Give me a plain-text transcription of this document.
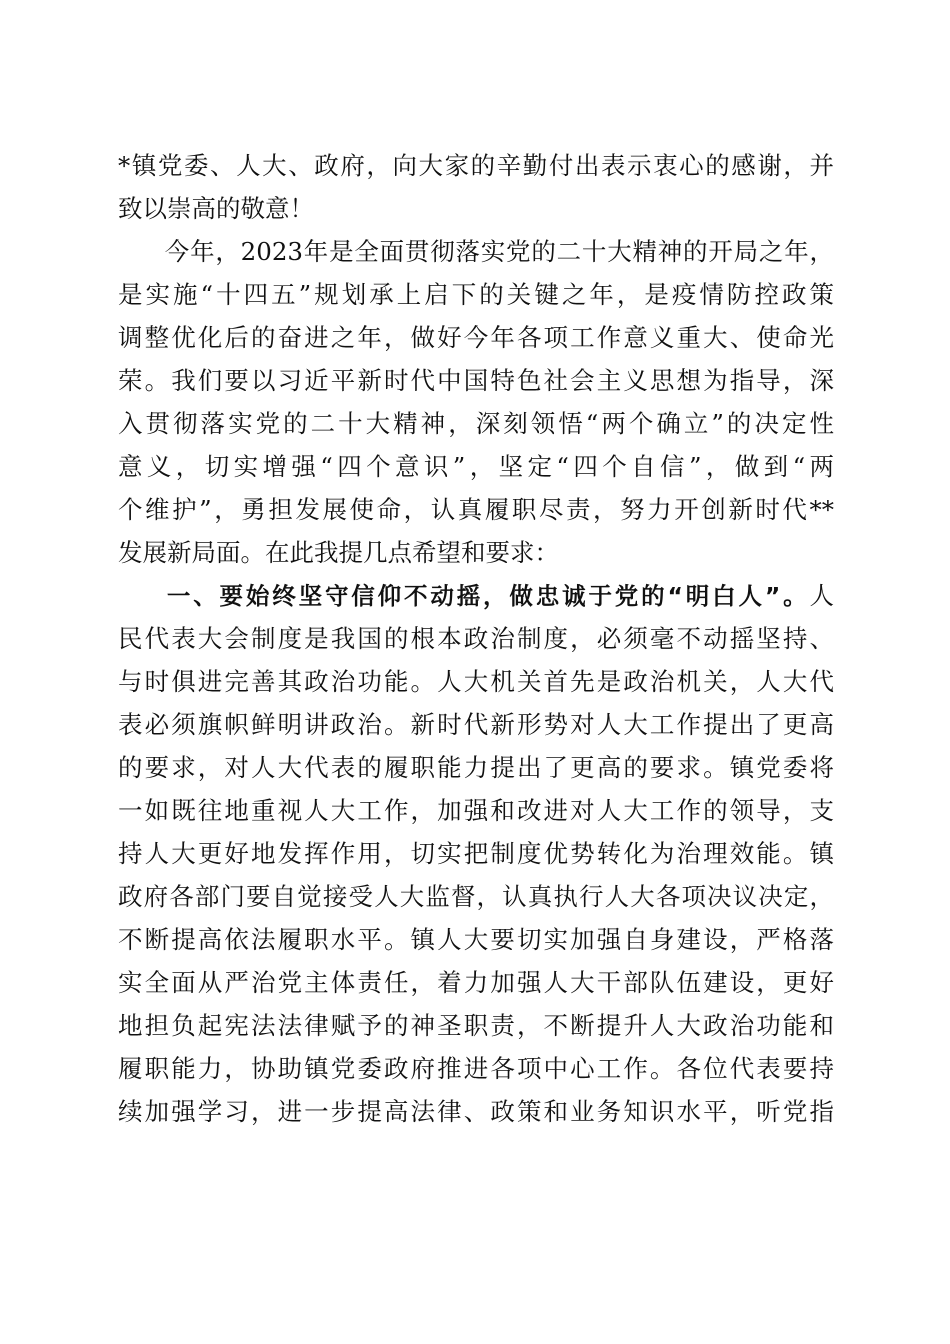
*镇党委、人大、政府，向大家的辛勤付出表示衷心的感谢，并
致以崇高的敬意！
今年，2023年是全面贯彻落实党的二十大精神的开局之年，
是实施“十四五”规划承上启下的关键之年，是疫情防控政策
调整优化后的奋进之年，做好今年各项工作意义重大、使命光
荣。我们要以习近平新时代中国特色社会主义思想为指导，深
入贯彻落实党的二十大精神，深刻领悟“两个确立”的决定性
意义，切实增强“四个意识”，坚定“四个自信”，做到“两
个维护”，勇担发展使命，认真履职尽责，努力开创新时代**
发展新局面。在此我提几点希望和要求：
一、要始终坚守信仰不动摇，做忠诚于党的“明白人”。人
民代表大会制度是我国的根本政治制度，必须毫不动摇坚持、
与时俱进完善其政治功能。人大机关首先是政治机关，人大代
表必须旗帜鲜明讲政治。新时代新形势对人大工作提出了更高
的要求，对人大代表的履职能力提出了更高的要求。镇党委将
一如既往地重视人大工作，加强和改进对人大工作的领导，支
持人大更好地发挥作用，切实把制度优势转化为治理效能。镇
政府各部门要自觉接受人大监督，认真执行人大各项决议决定，
不断提高依法履职水平。镇人大要切实加强自身建设，严格落
实全面从严治党主体责任，着力加强人大干部队伍建设，更好
地担负起宪法法律赋予的神圣职责，不断提升人大政治功能和
履职能力，协助镇党委政府推进各项中心工作。各位代表要持
续加强学习，进一步提高法律、政策和业务知识水平，听党指
